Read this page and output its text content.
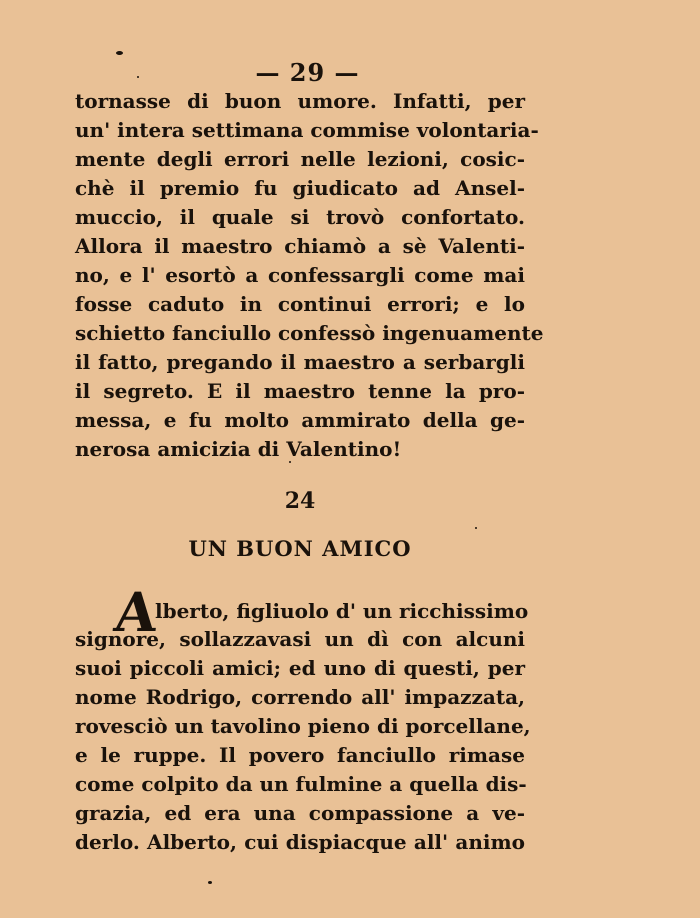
— 29 —
tornasse di buon umore. Infatti, per
un' intera settimana commise volontaria-
mente degli errori nelle lezioni, cosic-
chè il premio fu giudicato ad Ansel-
muccio, il quale si trovò confortato.
Allora il maestro chiamò a sè Valenti-
no, e l' esortò a confessargli come mai
fosse caduto in continui errori; e lo
schietto fanciullo confessò ingenuamente
il fatto, pregando il maestro a serbargli
il segreto. E il maestro tenne la pro-
messa, e fu molto ammirato della ge-
nerosa amicizia di Valentino!
24
UN BUON AMICO
A
lberto, figliuolo d' un ricchissimo
signore, sollazzavasi un dì con alcuni
suoi piccoli amici; ed uno di questi, per
nome Rodrigo, correndo all' impazzata,
rovesciò un tavolino pieno di porcellane,
e le ruppe. Il povero fanciullo rimase
come colpito da un fulmine a quella dis-
grazia, ed era una compassione a ve-
derlo. Alberto, cui dispiacque all' animo
